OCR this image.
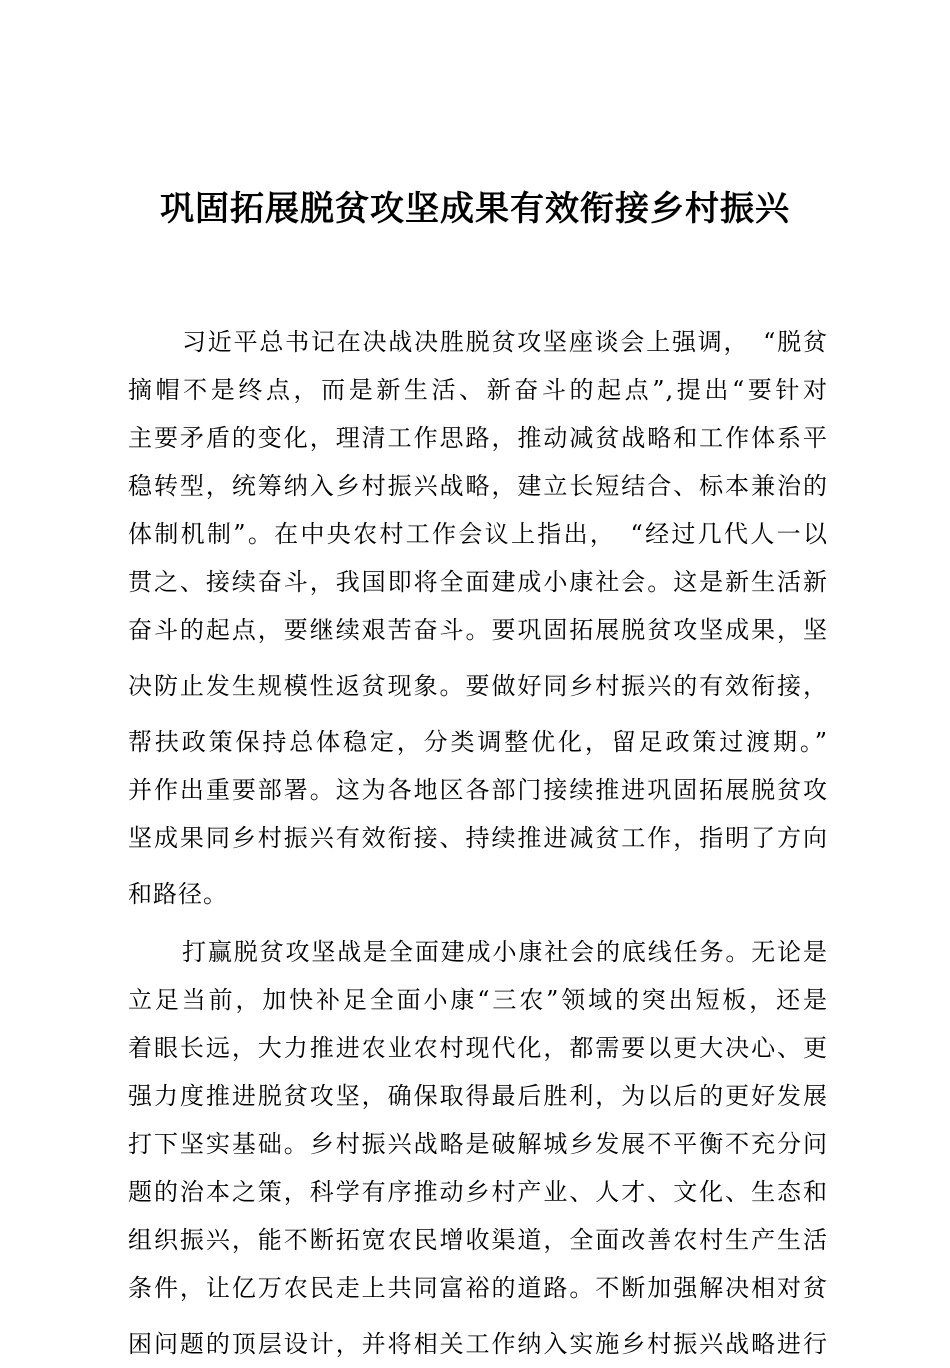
巩固拓展脱贫攻坚成果有效衔接乡村振兴
习近平总书记在决战决胜脱贫攻坚座谈会上强调，　“脱贫
摘帽不是终点，而是新生活、新奋斗的起点”,提出“要针对
主要矛盾的变化，理清工作思路，推动减贫战略和工作体系平
稳转型，统筹纳入乡村振兴战略，建立长短结合、标本兼治的
体制机制”。在中央农村工作会议上指出，　“经过几代人一以
贯之、接续奋斗，我国即将全面建成小康社会。这是新生活新
奋斗的起点，要继续艰苦奋斗。要巩固拓展脱贫攻坚成果，坚
决防止发生规模性返贫现象。要做好同乡村振兴的有效衔接，
帮扶政策保持总体稳定，分类调整优化，留足政策过渡期。”
并作出重要部署。这为各地区各部门接续推进巩固拓展脱贫攻
坚成果同乡村振兴有效衔接、持续推进减贫工作，指明了方向
和路径。
打赢脱贫攻坚战是全面建成小康社会的底线任务。无论是
立足当前，加快补足全面小康“三农”领域的突出短板，还是
着眼长远，大力推进农业农村现代化，都需要以更大决心、更
强力度推进脱贫攻坚，确保取得最后胜利，为以后的更好发展
打下坚实基础。乡村振兴战略是破解城乡发展不平衡不充分问
题的治本之策，科学有序推动乡村产业、人才、文化、生态和
组织振兴，能不断拓宽农民增收渠道，全面改善农村生产生活
条件，让亿万农民走上共同富裕的道路。不断加强解决相对贫
困问题的顶层设计，并将相关工作纳入实施乡村振兴战略进行
